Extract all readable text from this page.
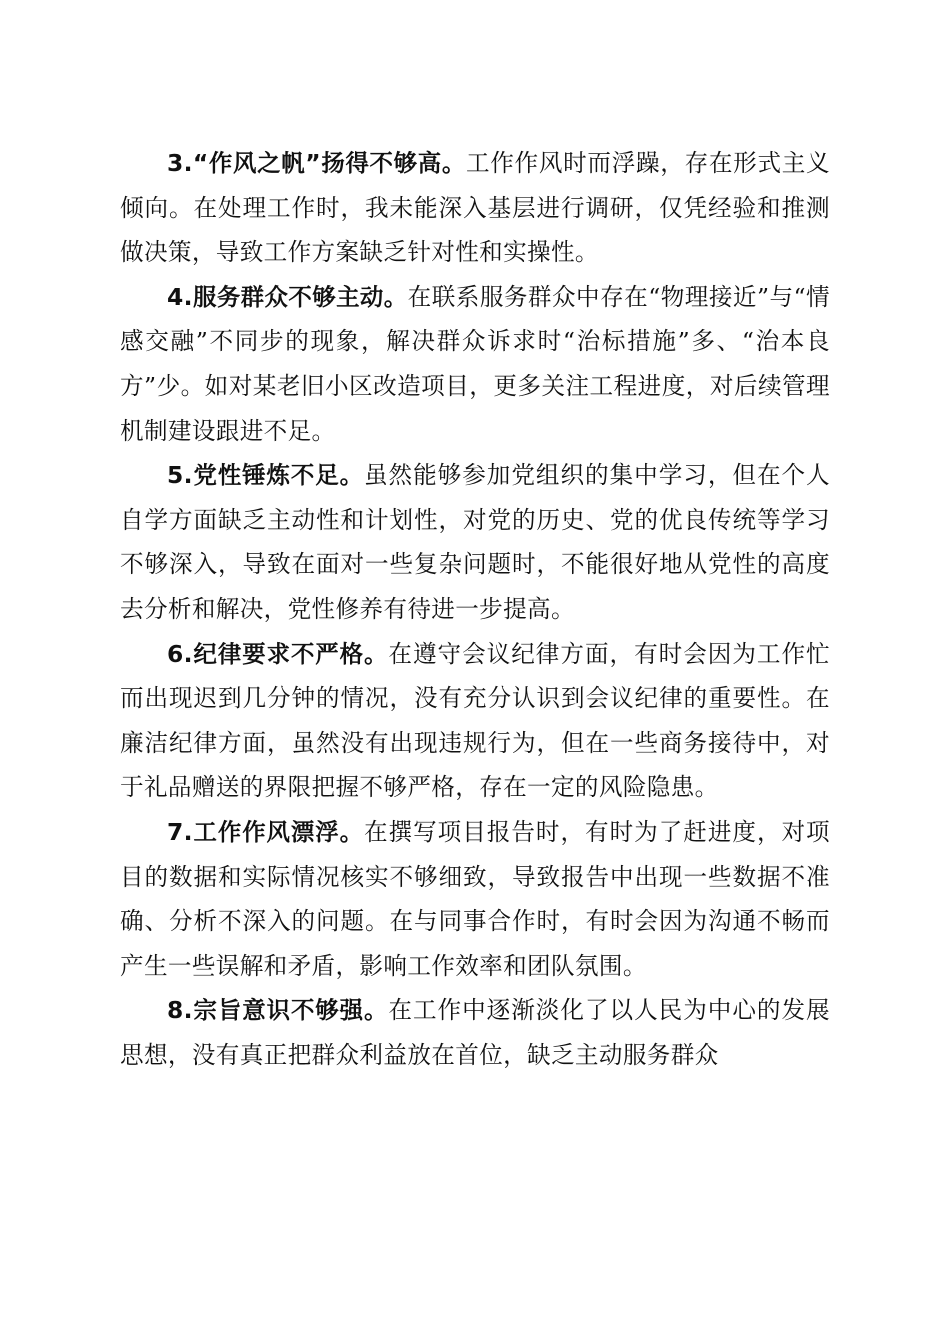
3.“作风之帆”扬得不够高。工作作风时而浮躁，存在形式主义倾向。在处理工作时，我未能深入基层进行调研，仅凭经验和推测做决策，导致工作方案缺乏针对性和实操性。

4.服务群众不够主动。在联系服务群众中存在“物理接近”与“情感交融”不同步的现象，解决群众诉求时“治标措施”多、“治本良方”少。如对某老旧小区改造项目，更多关注工程进度，对后续管理机制建设跟进不足。

5.党性锤炼不足。虽然能够参加党组织的集中学习，但在个人自学方面缺乏主动性和计划性，对党的历史、党的优良传统等学习不够深入，导致在面对一些复杂问题时，不能很好地从党性的高度去分析和解决，党性修养有待进一步提高。

6.纪律要求不严格。在遵守会议纪律方面，有时会因为工作忙而出现迟到几分钟的情况，没有充分认识到会议纪律的重要性。在廉洁纪律方面，虽然没有出现违规行为，但在一些商务接待中，对于礼品赠送的界限把握不够严格，存在一定的风险隐患。

7.工作作风漂浮。在撰写项目报告时，有时为了赶进度，对项目的数据和实际情况核实不够细致，导致报告中出现一些数据不准确、分析不深入的问题。在与同事合作时，有时会因为沟通不畅而产生一些误解和矛盾，影响工作效率和团队氛围。

8.宗旨意识不够强。在工作中逐渐淡化了以人民为中心的发展思想，没有真正把群众利益放在首位，缺乏主动服务群众
